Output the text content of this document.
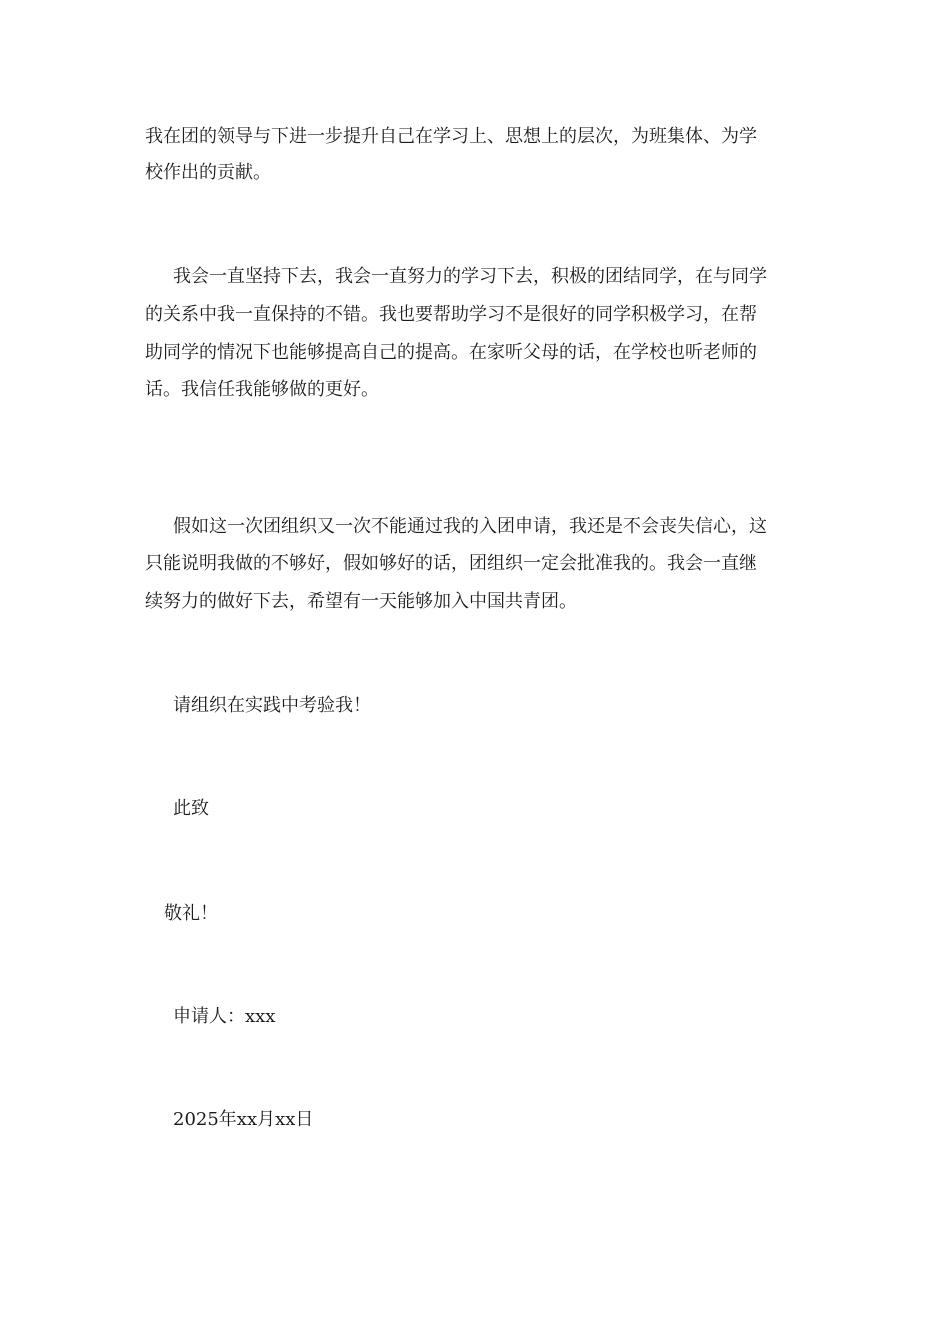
我在团的领导与下进一步提升自己在学习上、思想上的层次，为班集体、为学
校作出的贡献。
我会一直坚持下去，我会一直努力的学习下去，积极的团结同学，在与同学
的关系中我一直保持的不错。我也要帮助学习不是很好的同学积极学习，在帮
助同学的情况下也能够提高自己的提高。在家听父母的话，在学校也听老师的
话。我信任我能够做的更好。
假如这一次团组织又一次不能通过我的入团申请，我还是不会丧失信心，这
只能说明我做的不够好，假如够好的话，团组织一定会批准我的。我会一直继
续努力的做好下去，希望有一天能够加入中国共青团。
请组织在实践中考验我！
此致
敬礼！
申请人：xxx
2025年xx月xx日
